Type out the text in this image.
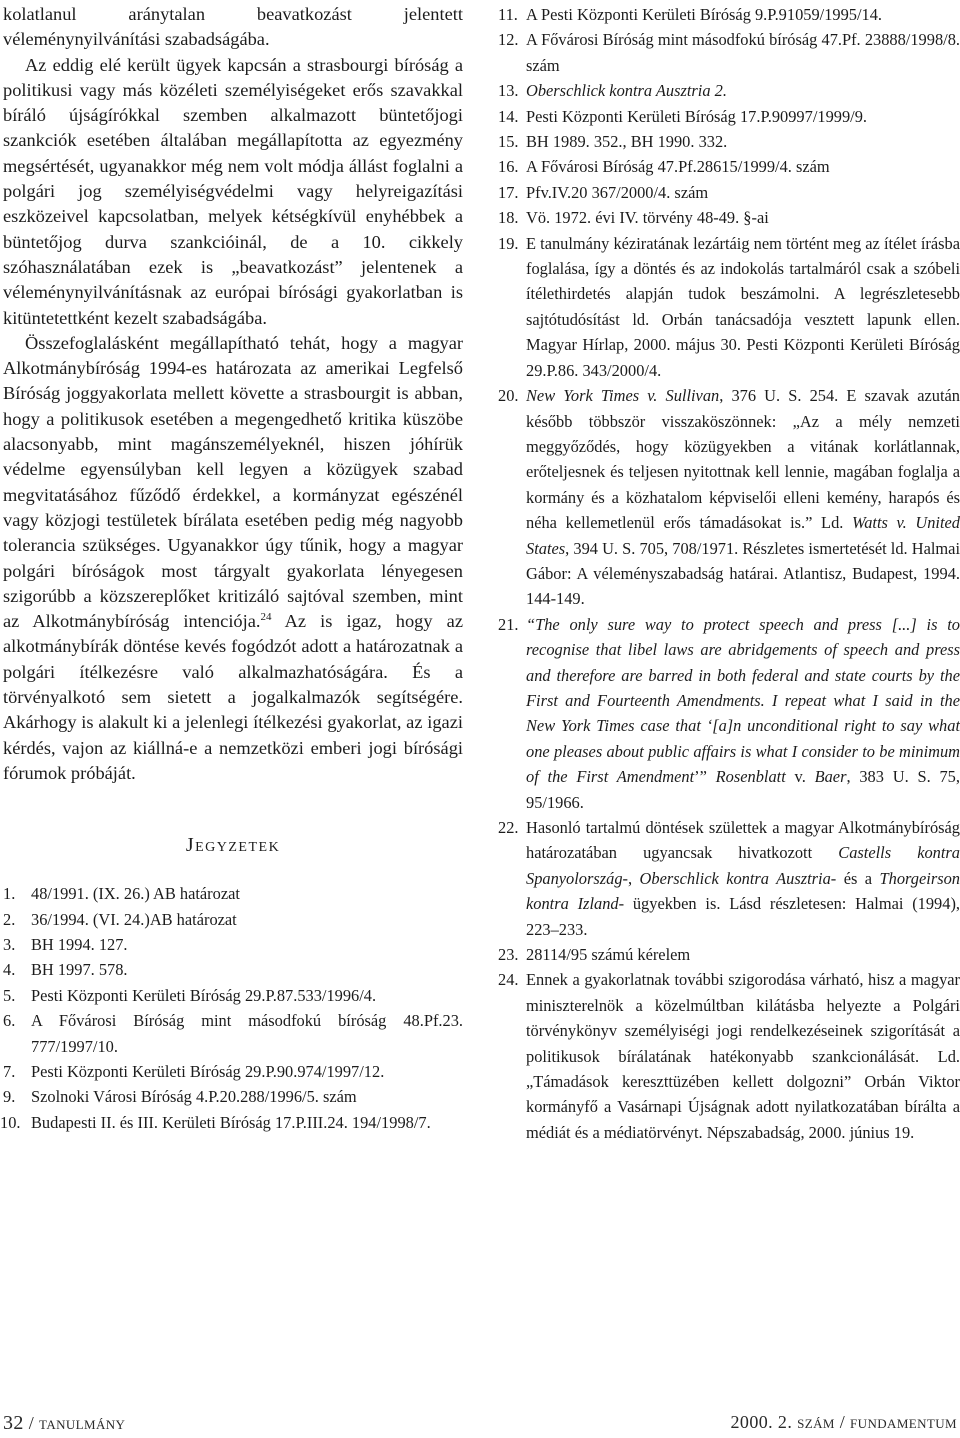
kolatlanul aránytalan beavatkozást jelentett véleménynyilvánítási szabadságába.

Az eddig elé került ügyek kapcsán a strasbourgi bíróság a politikusi vagy más közéleti személyiségeket erős szavakkal bíráló újságírókkal szemben alkalmazott büntetőjogi szankciók esetében általában megállapította az egyezmény megsértését, ugyanakkor még nem volt módja állást foglalni a polgári jog személyiségvédelmi vagy helyreigazítási eszközeivel kapcsolatban, melyek kétségkívül enyhébbek a büntetőjog durva szankcióinál, de a 10. cikkely szóhasználatában ezek is „beavatkozást” jelentenek a véleménynyilvánításnak az európai bírósági gyakorlatban is kitüntetettként kezelt szabadságába.

Összefoglalásként megállapítható tehát, hogy a magyar Alkotmánybíróság 1994-es határozata az amerikai Legfelső Bíróság joggyakorlata mellett követte a strasbourgit is abban, hogy a politikusok esetében a megengedhető kritika küszöbe alacsonyabb, mint magánszemélyeknél, hiszen jóhírük védelme egyensúlyban kell legyen a közügyek szabad megvitatásához fűződő érdekkel, a kormányzat egészénél vagy közjogi testületek bírálata esetében pedig még nagyobb tolerancia szükséges. Ugyanakkor úgy tűnik, hogy a magyar polgári bíróságok most tárgyalt gyakorlata lényegesen szigorúbb a közszereplőket kritizáló sajtóval szemben, mint az Alkotmánybíróság intenciója.$^{24}$ Az is igaz, hogy az alkotmánybírák döntése kevés fogódzót adott a határozatnak a polgári ítélkezésre való alkalmazhatóságára. És a törvényalkotó sem sietett a jogalkalmazók segítségére. Akárhogy is alakult ki a jelenlegi ítélkezési gyakorlat, az igazi kérdés, vajon az kiállná-e a nemzetközi emberi jogi bírósági fórumok próbáját.

Jegyzetek
1. 48/1991. (IX. 26.) AB határozat
2. 36/1994. (VI. 24.)AB határozat
3. BH 1994. 127.
4. BH 1997. 578.
5. Pesti Központi Kerületi Bíróság 29.P.87.533/1996/4.
6. A Fővárosi Bíróság mint másodfokú bíróság 48.Pf.23. 777/1997/10.
7. Pesti Központi Kerületi Bíróság 29.P.90.974/1997/12.
9. Szolnoki Városi Bíróság 4.P.20.288/1996/5. szám
10. Budapesti II. és III. Kerületi Bíróság 17.P.III.24. 194/1998/7.
11. A Pesti Központi Kerületi Bíróság 9.P.91059/1995/14.
12. A Fővárosi Bíróság mint másodfokú bíróság 47.Pf. 23888/1998/8. szám
13. Oberschlick kontra Ausztria 2.
14. Pesti Központi Kerületi Bíróság 17.P.90997/1999/9.
15. BH 1989. 352., BH 1990. 332.
16. A Fővárosi Bíróság 47.Pf.28615/1999/4. szám
17. Pfv.IV.20 367/2000/4. szám
18. Vö. 1972. évi IV. törvény 48-49. §-ai
19. E tanulmány kéziratának lezártáig nem történt meg az ítélet írásba foglalása, így a döntés és az indokolás tartalmáról csak a szóbeli ítélethirdetés alapján tudok beszámolni. A legrészletesebb sajtótudósítást ld. Orbán tanácsadója vesztett lapunk ellen. Magyar Hírlap, 2000. május 30. Pesti Központi Kerületi Bíróság 29.P.86. 343/2000/4.
20. New York Times v. Sullivan, 376 U. S. 254. E szavak azután később többször visszaköszönnek: „Az a mély nemzeti meggyőződés, hogy közügyekben a vitának korlátlannak, erőteljesnek és teljesen nyitottnak kell lennie, magában foglalja a kormány és a közhatalom képviselői elleni kemény, harapós és néha kellemetlenül erős támadásokat is.” Ld. Watts v. United States, 394 U. S. 705, 708/1971. Részletes ismertetését ld. Halmai Gábor: A véleményszabadság határai. Atlantisz, Budapest, 1994. 144-149.
21. “The only sure way to protect speech and press [...] is to recognise that libel laws are abridgements of speech and press and therefore are barred in both federal and state courts by the First and Fourteenth Amendments. I repeat what I said in the New York Times case that ‘[a]n unconditional right to say what one pleases about public affairs is what I consider to be minimum of the First Amendment’” Rosenblatt v. Baer, 383 U. S. 75, 95/1966.
22. Hasonló tartalmú döntések születtek a magyar Alkotmánybíróság határozatában ugyancsak hivatkozott Castells kontra Spanyolország-, Oberschlick kontra Ausztria- és a Thorgeirson kontra Izland- ügyekben is. Lásd részletesen: Halmai (1994), 223–233.
23. 28114/95 számú kérelem
24. Ennek a gyakorlatnak további szigorodása várható, hisz a magyar miniszterelnök a közelmúltban kilátásba helyezte a Polgári törvénykönyv személyiségi jogi rendelkezéseinek szigorítását a politikusok bírálatának hatékonyabb szankcionálását. Ld. „Támadások kereszttüzében kellett dolgozni” Orbán Viktor kormányfő a Vasárnapi Újságnak adott nyilatkozatában bírálta a médiát és a médiatörvényt. Népszabadság, 2000. június 19.
32 / tanulmány	2000. 2. szám / fundamentum
